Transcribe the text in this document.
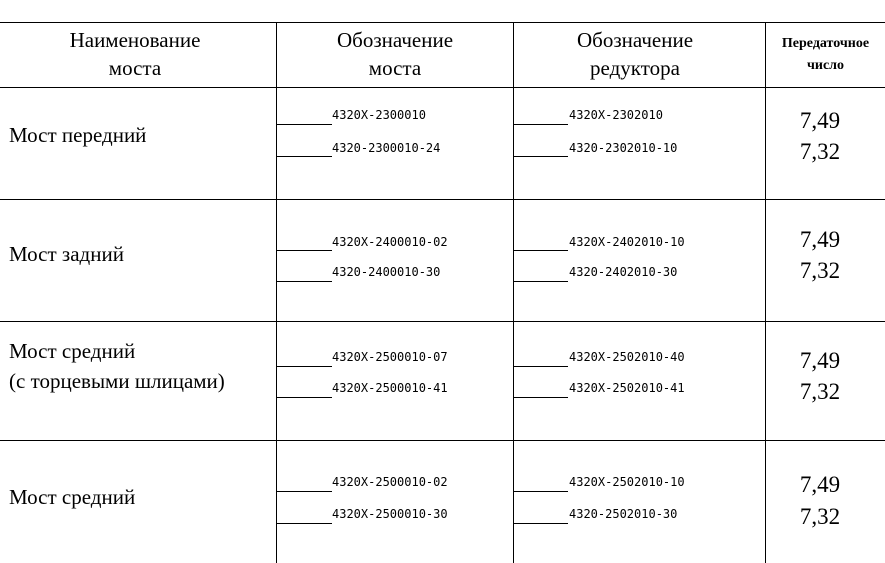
Наименование
моста
Обозначение
моста
Обозначение
редуктора
Передаточное
число
Мост передний
4320X-2300010
4320-2300010-24
4320X-2302010
4320-2302010-10
7,49
7,32
Мост задний	4320X-2400010-02
4320-2400010-30
4320X-2402010-10
4320-2402010-30
7,49
7,32
Мост средний
(с торцевыми шлицами)
4320X-2500010-07
4320X-2500010-41
4320X-2502010-40
4320X-2502010-41
7,49
7,32
Мост средний
4320X-2500010-02
4320X-2500010-30
4320X-2502010-10
4320-2502010-30
7,49
7,32
